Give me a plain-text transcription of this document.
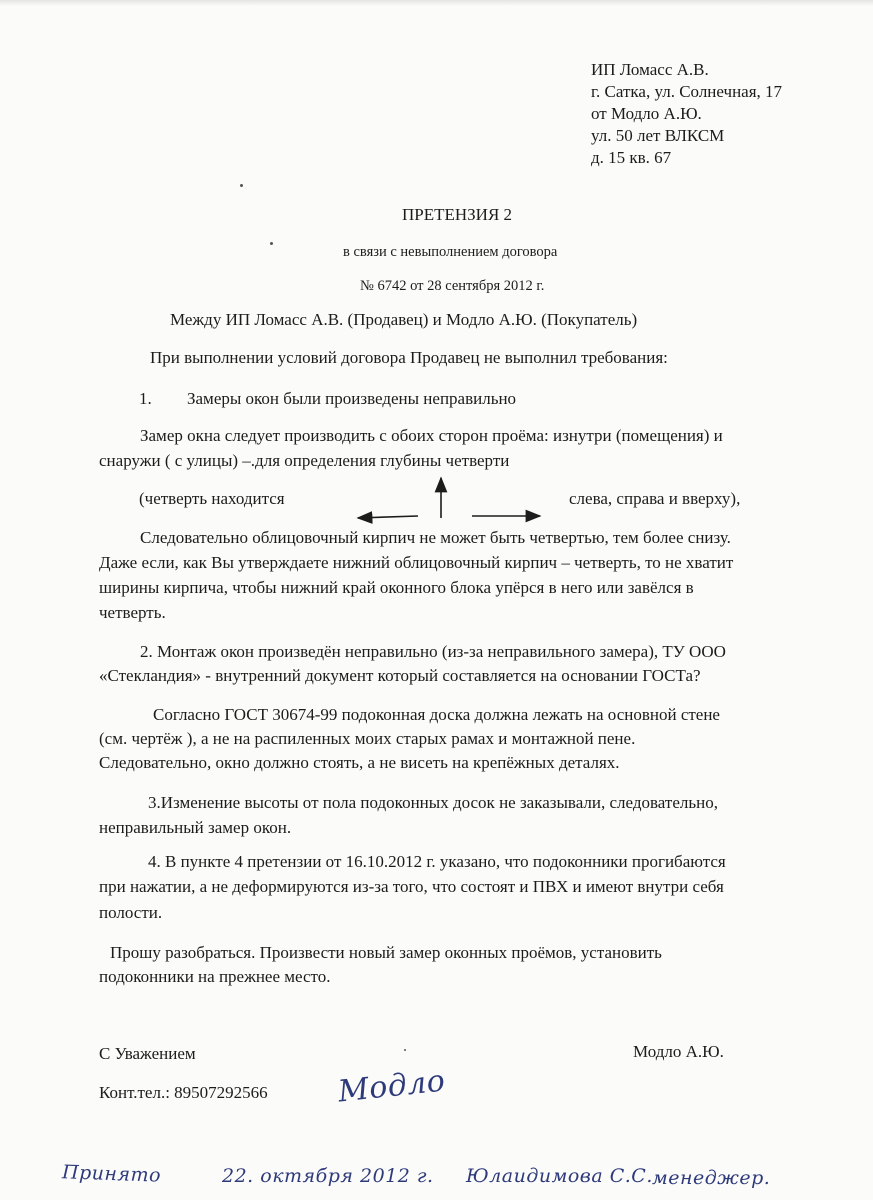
ИП Ломасс А.В.
г. Сатка, ул. Солнечная, 17
от Модло А.Ю.
ул. 50 лет ВЛКСМ
д. 15 кв. 67
ПРЕТЕНЗИЯ 2
в связи с невыполнением договора
№ 6742 от 28 сентября 2012 г.
Между ИП Ломасс А.В. (Продавец) и Модло А.Ю. (Покупатель)
При выполнении условий договора Продавец не выполнил требования:
1. Замеры окон были произведены неправильно
Замер окна следует производить с обоих сторон проёма: изнутри (помещения) и
снаружи ( с улицы) –.для определения глубины четверти
(четверть находится	слева, справа и вверху),
Следовательно облицовочный кирпич не может быть четвертью, тем более снизу.
Даже если, как Вы утверждаете нижний облицовочный кирпич – четверть, то не хватит
ширины кирпича, чтобы нижний край оконного блока упёрся в него или завёлся в
четверть.
2. Монтаж окон произведён неправильно (из-за неправильного замера), ТУ ООО
«Стекландия» - внутренний документ который составляется на основании ГОСТа?
Согласно ГОСТ 30674-99 подоконная доска должна лежать на основной стене
(см. чертёж ), а не на распиленных моих старых рамах и монтажной пене.
Следовательно, окно должно стоять, а не висеть на крепёжных деталях.
3.Изменение высоты от пола подоконных досок не заказывали, следовательно,
неправильный замер окон.
4. В пункте 4 претензии от 16.10.2012 г. указано, что подоконники прогибаются
при нажатии, а не деформируются из-за того, что состоят и ПВХ и имеют внутри себя
полости.
Прошу разобраться. Произвести новый замер оконных проёмов, установить
подоконники на прежнее место.
С Уважением	Модло А.Ю.
Конт.тел.: 89507292566 Модло
Принято	22. октября 2012 г. Юлаидимова С.С. менеджер.
